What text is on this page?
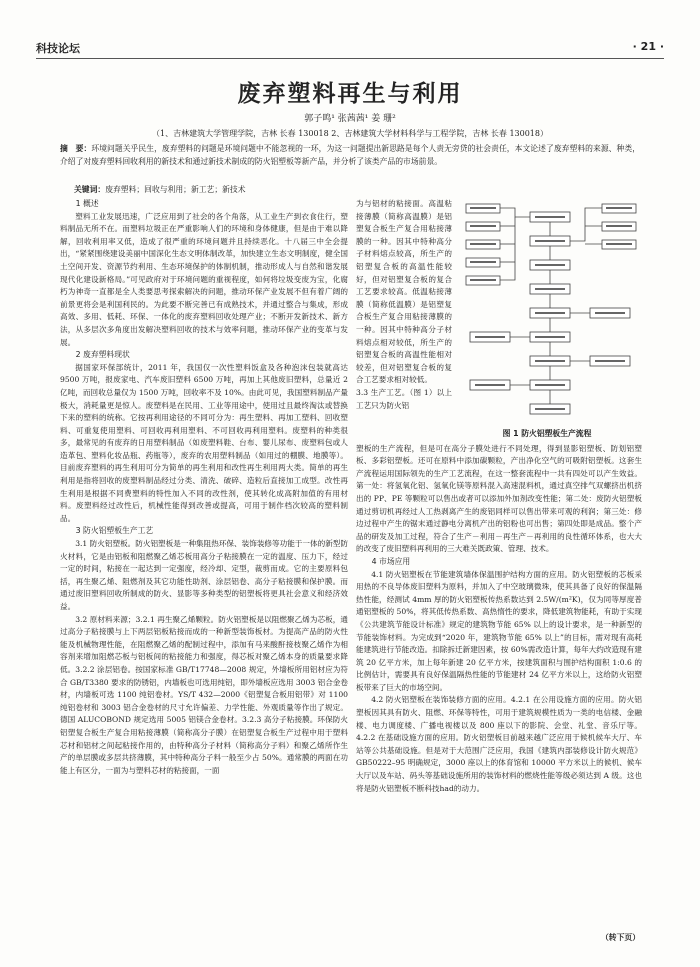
科技论坛	· 21 ·
废弃塑料再生与利用
郭子鸣¹ 张茜茜¹ 姜 珊²
（1、吉林建筑大学管理学院，吉林 长春 130018 2、吉林建筑大学材料科学与工程学院，吉林 长春 130018）
摘　要：环境问题关乎民生，废弃塑料的问题是环境问题中不能忽视的一环，为这一问题提出新思路是每个人责无旁贷的社会责任，本文论述了废弃塑料的来源、种类，介绍了对废弃塑料回收利用的新技术和通过新技术制成的防火铝塑板等新产品，并分析了该类产品的市场前景。
关键词：废弃塑料；回收与利用；新工艺；新技术
1 概述

塑料工业发展迅速，广泛应用到了社会的各个角落，从工业生产到衣食住行，塑料制品无所不在。而塑料垃圾正在严重影响人们的环境和身体健康，但是由于难以降解，回收利用率又低，造成了很严重的环境问题并且持续恶化。十八届三中全会提出，“紧紧围绕建设美丽中国深化生态文明体制改革，加快建立生态文明制度，健全国土空间开发、资源节约利用、生态环境保护的体制机制，推动形成人与自然和谐发展现代化建设新格局。”可见政府对于环境问题的重视程度，如何将垃圾变废为宝，化腐朽为神奇一直都是全人类要思考探索解决的问题，推动环保产业发展不但有着广阔的前景更将会是利国利民的。为此要不断完善已有成熟技术，并通过整合与集成，形成高效、多用、低耗、环保、一体化的废弃塑料回收处理产业；不断开发新技术、新方法，从多层次多角度出发解决塑料回收的技术与效率问题，推动环保产业的变革与发展。

2 废弃塑料现状

据国家环保部统计，2011 年，我国仅一次性塑料饭盒及各种泡沫包装就高达 9500 万吨，报废家电、汽车废旧塑料 6500 万吨，再加上其他废旧塑料，总量近 2 亿吨，而回收总量仅为 1500 万吨，回收率不及 10%。由此可见，我国塑料制品产量极大，消耗量更是惊人。废塑料是在民用、工业等用途中，使用过且最终淘汰或替换下来的塑料的统称。它按再利用途径的不同可分为：再生塑料、再加工塑料、回收塑料、可重复使用塑料、可回收再利用塑料、不可回收再利用塑料。废塑料的种类很多，最常见的有废弃的日用塑料制品（如废塑料鞋、台布、婴儿尿布、废塑料包或人造革包、塑料化妆品瓶、药瓶等），废弃的农用塑料制品（如用过的棚膜、地膜等）。目前废弃塑料的再生利用可分为简单的再生利用和改性再生利用两大类。简单的再生利用是指将回收的废塑料制品经过分类、清洗、破碎、造粒后直接加工成型。改性再生利用是根据不同费塑料的特性加入不同的改性剂，使其转化成高附加值的有用材料。废塑料经过改性后，机械性能得到改善或提高，可用于制作档次较高的塑料制品。

3 防火铝塑板生产工艺

3.1 防火铝塑板。防火铝塑板是一种集阻热环保、装饰装修等功能于一体的新型防火材料，它是由铝板和阻燃聚乙烯芯板用高分子粘接膜在一定的温度、压力下，经过一定的时间，粘接在一起达到一定强度，经冷却、定型，裁剪而成。它的主要原料包括，再生聚乙烯、阻燃剂及其它功能性助剂、涂层铝卷、高分子粘接膜和保护膜。而通过废旧塑料回收所制成的防火、显影等多种类型的铝塑板将更具社会意义和经济效益。

3.2 原材料来源；3.2.1 再生聚乙烯颗粒。防火铝塑板是以阻燃聚乙烯为芯板，通过高分子粘接膜与上下两层铝板粘接而成的一种新型装饰板材。为提高产品的防火性能及机械物理性能，在阻燃聚乙烯的配制过程中，添加有马来酸酐接枝聚乙烯作为相容剂来增加阻燃芯板与铝板间的粘接能力和强度，得芯板对聚乙烯本身的质量要求降低。3.2.2 涂层铝卷。按国家标准 GB/T17748—2008 规定，外墙板所用铝材应为符合 GB/T3380 要求的防锈铝，内墙板也可选用纯铝，即外墙板应选用 3003 铝合金卷材，内墙板可选 1100 纯铝卷材。YS/T 432—2000《铝塑复合板用铝带》对 1100 纯铝卷材和 3003 铝合金卷材的尺寸允许偏差、力学性能、外观质量等作出了规定。德国 ALUCOBOND 规定选用 5005 铝镁合金卷材。3.2.3 高分子粘接膜。环保防火铝塑复合板生产复合用粘接薄膜（简称高分子膜）在铝塑复合板生产过程中用于塑料芯材和铝材之间起粘接作用的，由特种高分子材料（简称高分子料）和聚乙烯所作生产的单层膜或多层共挤薄膜，其中特种高分子料一般至少占 50%。通常膜的两面在功能上有区分，一面为与塑料芯材的粘接面，一面

为与铝材的粘接面。高温粘接薄膜（简称高温膜）是铝塑复合板生产复合用粘接薄膜的一种。因其中特种高分子材料熔点较高，所生产的铝塑复合板的高温性能较好，但对铝塑复合板的复合工艺要求较高。低温粘接薄膜（简称低温膜）是铝塑复合板生产复合用粘接薄膜的一种。因其中特种高分子材料熔点相对较低，所生产的铝塑复合板的高温性能相对较差，但对铝塑复合板的复合工艺要求相对较低。

3.3 生产工艺。（图 1）以上工艺只为防火铝

图 1 防火铝塑板生产流程

塑板的生产流程，但是可在高分子膜处进行不同处理，得到显影铝塑板、防划铝塑板、多彩铝塑板。还可在原料中添加碳颗粒，产出净化空气的可吸附铝塑板。这套生产流程运用国际领先的生产工艺流程，在这一整套流程中一共有四处可以产生效益。第一处：将氢氧化铝、氢氧化镁等原料混入高速混料机，通过真空排气双螺挤出机挤出的 PP、PE 等颗粒可以售出或者可以添加外加剂改变性能；第二处：废防火铝塑板通过剪切机再经过人工热剥离产生的废铝同样可以售出带来可观的利润；第三处：修边过程中产生的锯末通过静电分离机产出的铝粉也可出售；第四处即是成品。整个产品的研发及加工过程，符合了生产－利用－再生产－再利用的良性循环体系，也大大的改变了废旧塑料再利用的三大难关既政策、管理、技术。

4 市场应用

4.1 防火铝塑板在节能建筑墙体保温围护结构方面的应用。防火铝塑板的芯板采用热的不良导体废旧塑料为原料，并加入了中空玻璃微珠，使其具备了良好的保温隔热性能，经测试 4mm 厚的防火铝塑板传热系数达到 2.5W/(m²K)，仅为同等厚度普通铝塑板的 50%，将其低传热系数、高热惰性的要求，降低建筑物能耗，有助于实现《公共建筑节能设计标准》规定的建筑物节能 65% 以上的设计要求，是一种新型的节能装饰材料。为完成到“2020 年，建筑物节能 65% 以上”的目标，需对现有高耗能建筑进行节能改造。扣除拆迁新建因素，按 60%需改造计算，每年大约改造现有建筑 20 亿平方米，加上每年新建 20 亿平方米，按建筑面积与围护结构面积 1:0.6 的比例估计，需要具有良好保温隔热性能的节能建材 24 亿平方米以上，这给防火铝塑板带来了巨大的市场空间。

4.2 防火铝塑板在装饰装修方面的应用。4.2.1 在公用设施方面的应用。防火铝塑板因其具有防火、阻燃、环保等特性，可用于建筑规模性质为一类的电信楼、金融楼、电力调度楼、广播电视楼以及 800 座以下的影院、会堂、礼堂、音乐厅等。4.2.2 在基础设施方面的应用。防火铝塑板目前越来越广泛应用于候机候车大厅、车站等公共基础设施。但是对于大范围广泛应用，我国《建筑内部装修设计防火规范》GB50222–95 明确规定，3000 座以上的体育馆和 10000 平方米以上的候机、候车大厅以及车站、码头等基础设施所用的装饰材料的燃烧性能等级必须达到 A 级。这也将是防火铝塑板不断科技had的动力。

（转下页）
